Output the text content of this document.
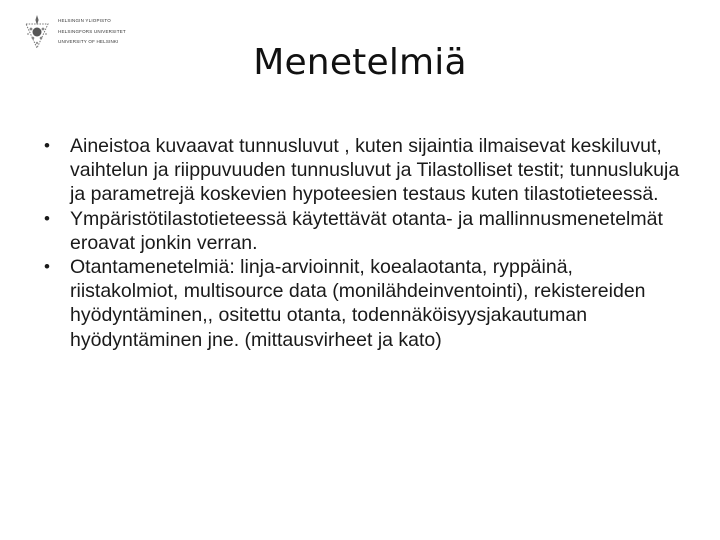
HELSINGIN YLIOPISTO
HELSINGFORS UNIVERSITET
UNIVERSITY OF HELSINKI
Menetelmiä
• Aineistoa kuvaavat tunnusluvut , kuten sijaintia ilmaisevat keskiluvut, vaihtelun ja riippuvuuden tunnusluvut ja Tilastolliset testit; tunnuslukuja ja parametrejä koskevien hypoteesien testaus kuten tilastotieteessä.
• Ympäristötilastotieteessä käytettävät otanta- ja mallinnusmenetelmät eroavat jonkin verran.
• Otantamenetelmiä: linja-arvioinnit, koealaotanta, ryppäinä, riistakolmiot, multisource data (monilähdeinventointi), rekistereiden hyödyntäminen,, ositettu otanta, todennäköisyysjakautuman hyödyntäminen jne. (mittausvirheet ja kato)
